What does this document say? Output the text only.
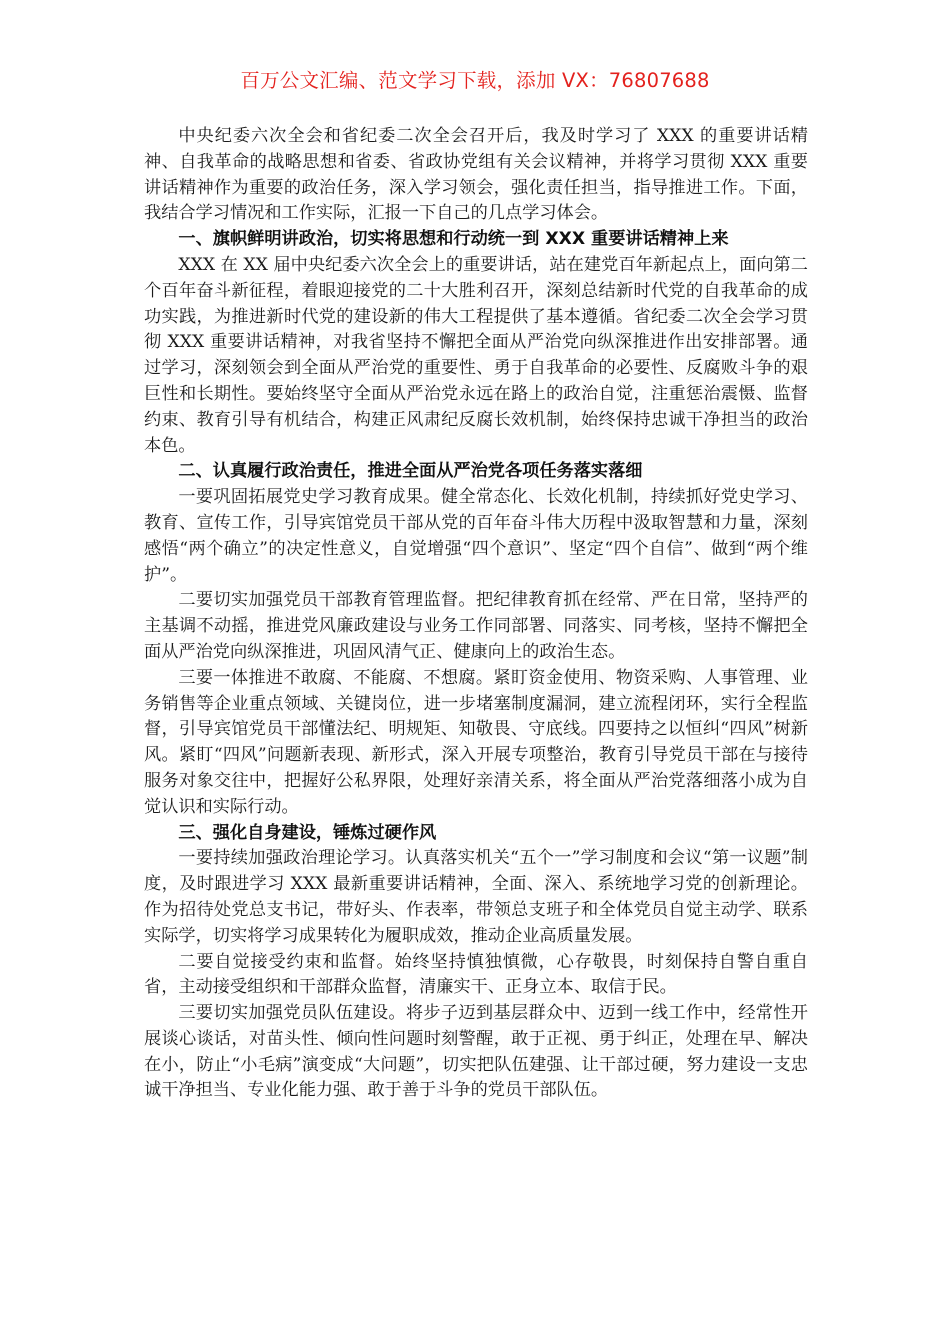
百万公文汇编、范文学习下载，添加 VX：76807688

中央纪委六次全会和省纪委二次全会召开后，我及时学习了 XXX 的重要讲话精神、自我革命的战略思想和省委、省政协党组有关会议精神，并将学习贯彻 XXX 重要讲话精神作为重要的政治任务，深入学习领会，强化责任担当，指导推进工作。下面，我结合学习情况和工作实际，汇报一下自己的几点学习体会。

一、旗帜鲜明讲政治，切实将思想和行动统一到 XXX 重要讲话精神上来

XXX 在 XX 届中央纪委六次全会上的重要讲话，站在建党百年新起点上，面向第二个百年奋斗新征程，着眼迎接党的二十大胜利召开，深刻总结新时代党的自我革命的成功实践，为推进新时代党的建设新的伟大工程提供了基本遵循。省纪委二次全会学习贯彻 XXX 重要讲话精神，对我省坚持不懈把全面从严治党向纵深推进作出安排部署。通过学习，深刻领会到全面从严治党的重要性、勇于自我革命的必要性、反腐败斗争的艰巨性和长期性。要始终坚守全面从严治党永远在路上的政治自觉，注重惩治震慑、监督约束、教育引导有机结合，构建正风肃纪反腐长效机制，始终保持忠诚干净担当的政治本色。

二、认真履行政治责任，推进全面从严治党各项任务落实落细

一要巩固拓展党史学习教育成果。健全常态化、长效化机制，持续抓好党史学习、教育、宣传工作，引导宾馆党员干部从党的百年奋斗伟大历程中汲取智慧和力量，深刻感悟“两个确立”的决定性意义，自觉增强“四个意识”、坚定“四个自信”、做到“两个维护”。

二要切实加强党员干部教育管理监督。把纪律教育抓在经常、严在日常，坚持严的主基调不动摇，推进党风廉政建设与业务工作同部署、同落实、同考核，坚持不懈把全面从严治党向纵深推进，巩固风清气正、健康向上的政治生态。

三要一体推进不敢腐、不能腐、不想腐。紧盯资金使用、物资采购、人事管理、业务销售等企业重点领域、关键岗位，进一步堵塞制度漏洞，建立流程闭环，实行全程监督，引导宾馆党员干部懂法纪、明规矩、知敬畏、守底线。四要持之以恒纠“四风”树新风。紧盯“四风”问题新表现、新形式，深入开展专项整治，教育引导党员干部在与接待服务对象交往中，把握好公私界限，处理好亲清关系，将全面从严治党落细落小成为自觉认识和实际行动。

三、强化自身建设，锤炼过硬作风

一要持续加强政治理论学习。认真落实机关“五个一”学习制度和会议“第一议题”制度，及时跟进学习 XXX 最新重要讲话精神，全面、深入、系统地学习党的创新理论。作为招待处党总支书记，带好头、作表率，带领总支班子和全体党员自觉主动学、联系实际学，切实将学习成果转化为履职成效，推动企业高质量发展。

二要自觉接受约束和监督。始终坚持慎独慎微，心存敬畏，时刻保持自警自重自省，主动接受组织和干部群众监督，清廉实干、正身立本、取信于民。

三要切实加强党员队伍建设。将步子迈到基层群众中、迈到一线工作中，经常性开展谈心谈话，对苗头性、倾向性问题时刻警醒，敢于正视、勇于纠正，处理在早、解决在小，防止“小毛病”演变成“大问题”，切实把队伍建强、让干部过硬，努力建设一支忠诚干净担当、专业化能力强、敢于善于斗争的党员干部队伍。
